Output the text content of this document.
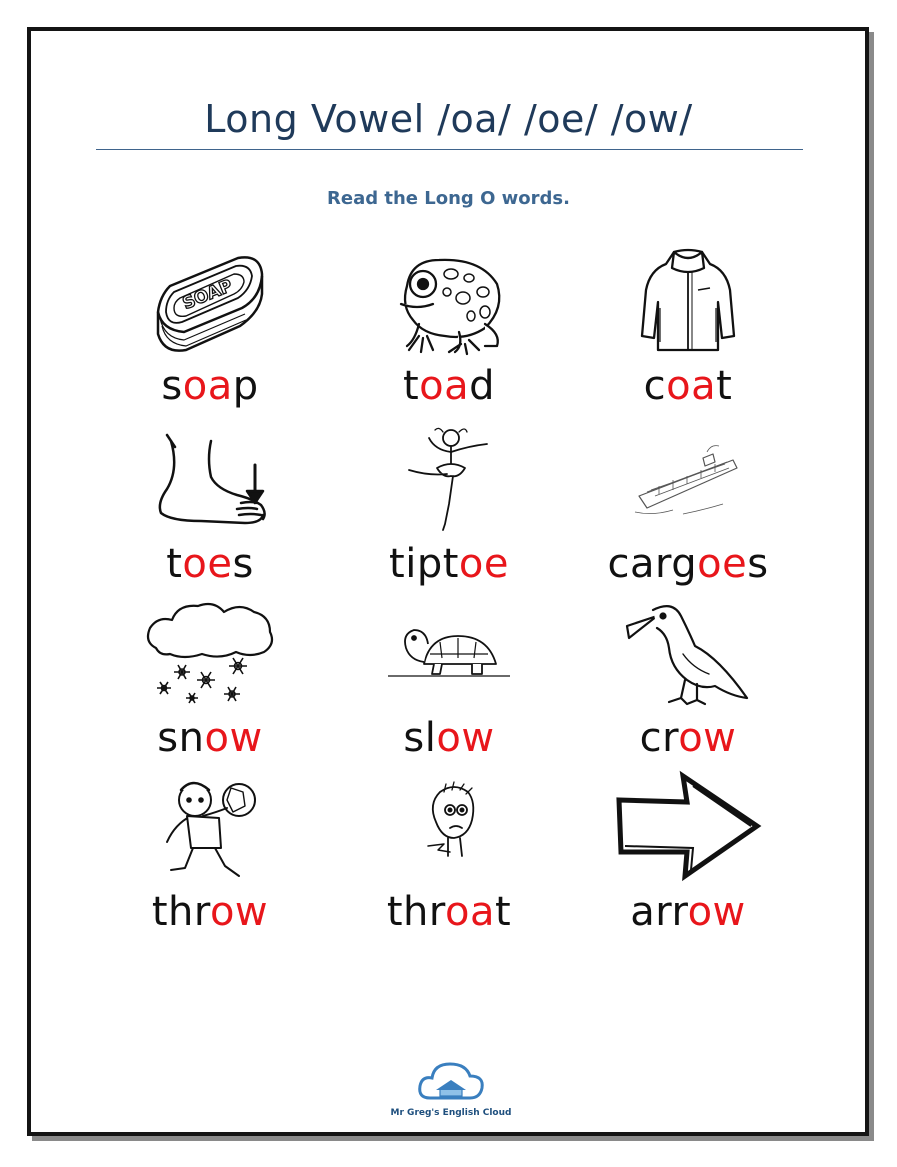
Long Vowel /oa/ /oe/ /ow/

Read the Long O words.

SOAP
soap	toad	coat
toes	tiptoe	cargoes
snow	slow	crow
throw	throat	arrow
Mr Greg's English Cloud
